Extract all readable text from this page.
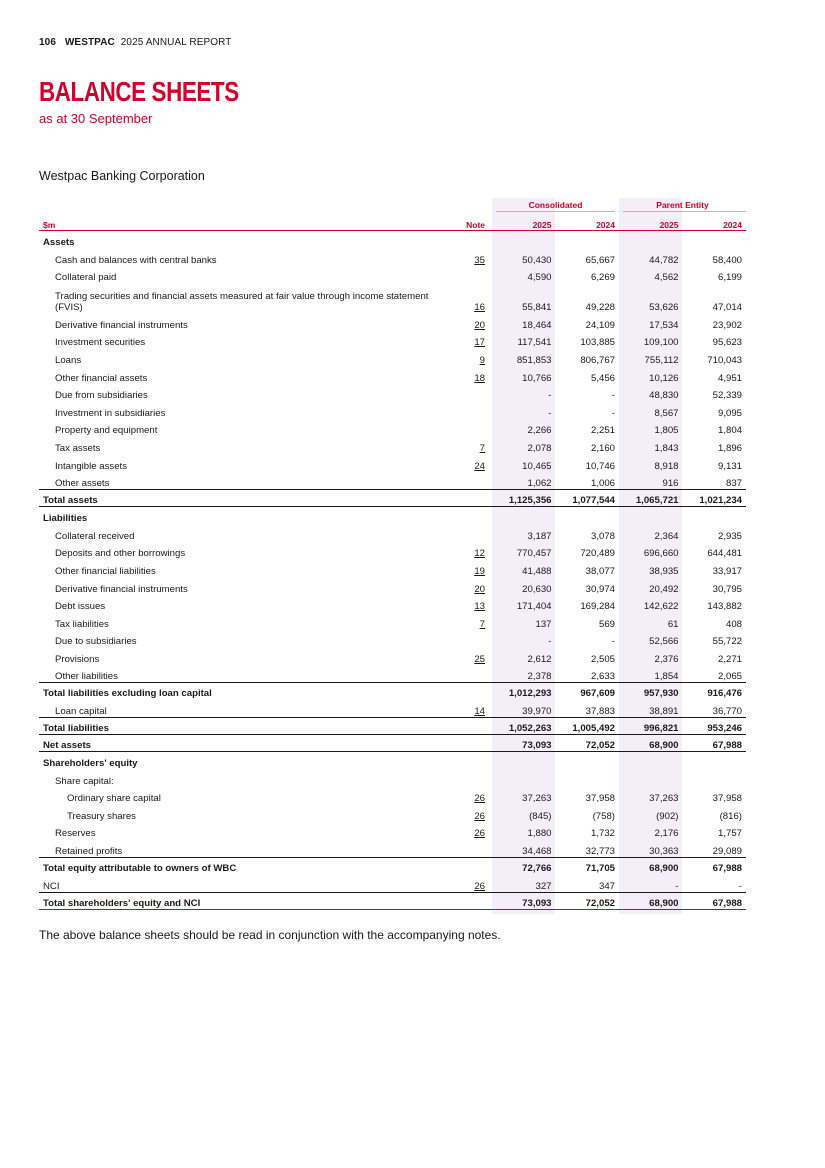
106 WESTPAC 2025 ANNUAL REPORT
BALANCE SHEETS
as at 30 September
Westpac Banking Corporation
Consolidated	Parent Entity
$m	Note	2025	2024	2025	2024
Assets					
Cash and balances with central banks	35	50,430	65,667	44,782	58,400
Collateral paid		4,590	6,269	4,562	6,199
Trading securities and financial assets measured at fair value through income statement (FVIS)	16	55,841	49,228	53,626	47,014
Derivative financial instruments	20	18,464	24,109	17,534	23,902
Investment securities	17	117,541	103,885	109,100	95,623
Loans	9	851,853	806,767	755,112	710,043
Other financial assets	18	10,766	5,456	10,126	4,951
Due from subsidiaries		-	-	48,830	52,339
Investment in subsidiaries		-	-	8,567	9,095
Property and equipment		2,266	2,251	1,805	1,804
Tax assets	7	2,078	2,160	1,843	1,896
Intangible assets	24	10,465	10,746	8,918	9,131
Other assets		1,062	1,006	916	837
Total assets		1,125,356	1,077,544	1,065,721	1,021,234
Liabilities					
Collateral received		3,187	3,078	2,364	2,935
Deposits and other borrowings	12	770,457	720,489	696,660	644,481
Other financial liabilities	19	41,488	38,077	38,935	33,917
Derivative financial instruments	20	20,630	30,974	20,492	30,795
Debt issues	13	171,404	169,284	142,622	143,882
Tax liabilities	7	137	569	61	408
Due to subsidiaries		-	-	52,566	55,722
Provisions	25	2,612	2,505	2,376	2,271
Other liabilities		2,378	2,633	1,854	2,065
Total liabilities excluding loan capital		1,012,293	967,609	957,930	916,476
Loan capital	14	39,970	37,883	38,891	36,770
Total liabilities		1,052,263	1,005,492	996,821	953,246
Net assets		73,093	72,052	68,900	67,988
Shareholders' equity					
Share capital:					
Ordinary share capital	26	37,263	37,958	37,263	37,958
Treasury shares	26	(845)	(758)	(902)	(816)
Reserves	26	1,880	1,732	2,176	1,757
Retained profits		34,468	32,773	30,363	29,089
Total equity attributable to owners of WBC		72,766	71,705	68,900	67,988
NCI	26	327	347	-	-
Total shareholders' equity and NCI		73,093	72,052	68,900	67,988
The above balance sheets should be read in conjunction with the accompanying notes.
